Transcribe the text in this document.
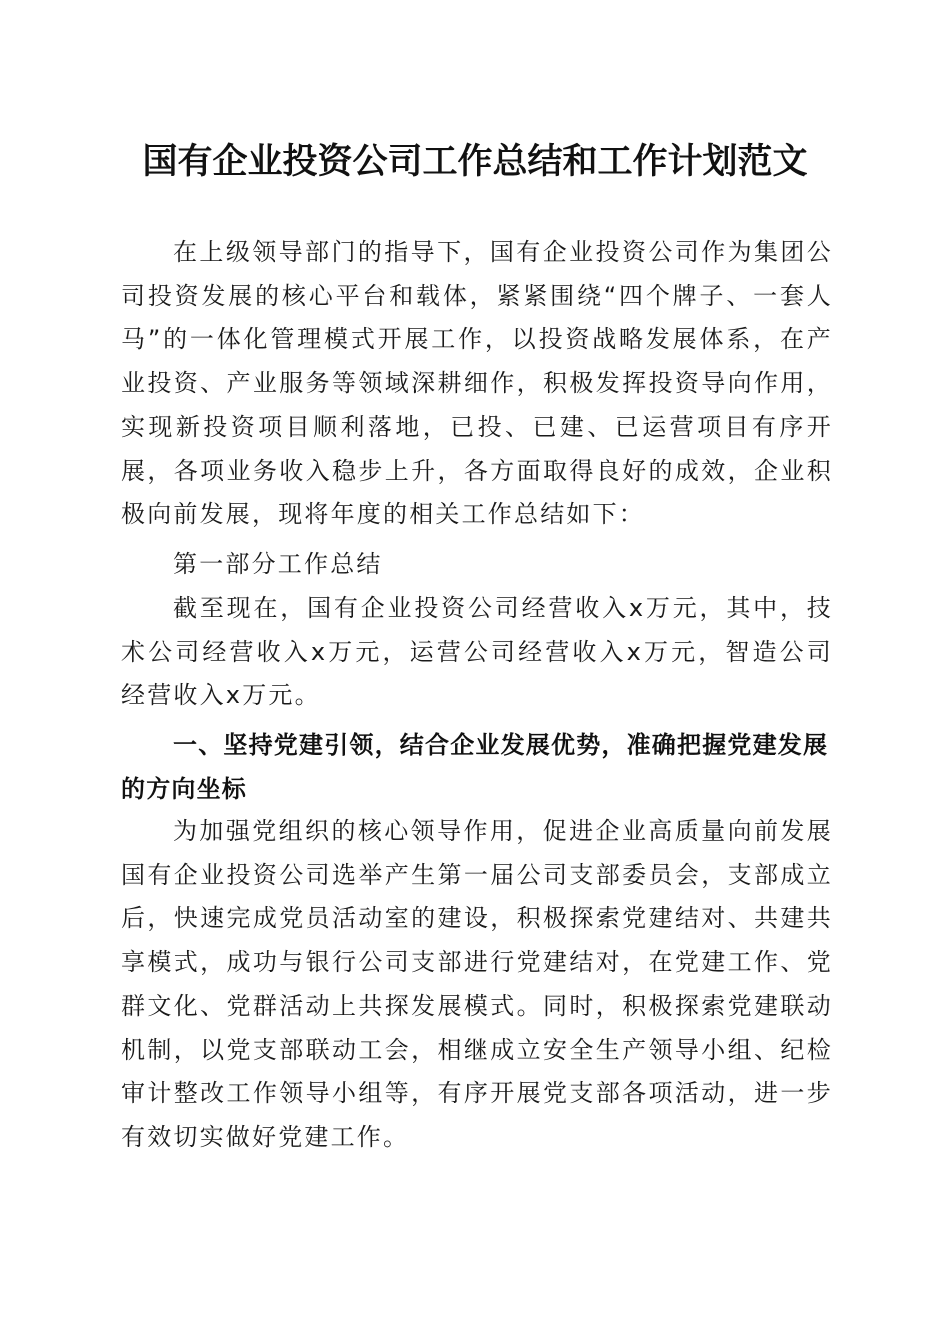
国有企业投资公司工作总结和工作计划范文

在上级领导部门的指导下，国有企业投资公司作为集团公司投资发展的核心平台和载体，紧紧围绕“四个牌子、一套人马”的一体化管理模式开展工作，以投资战略发展体系，在产业投资、产业服务等领域深耕细作，积极发挥投资导向作用，实现新投资项目顺利落地，已投、已建、已运营项目有序开展，各项业务收入稳步上升，各方面取得良好的成效，企业积极向前发展，现将年度的相关工作总结如下：

第一部分工作总结

截至现在，国有企业投资公司经营收入x万元，其中，技术公司经营收入x万元，运营公司经营收入x万元，智造公司经营收入x万元。

一、坚持党建引领，结合企业发展优势，准确把握党建发展的方向坐标

为加强党组织的核心领导作用，促进企业高质量向前发展国有企业投资公司选举产生第一届公司支部委员会，支部成立后，快速完成党员活动室的建设，积极探索党建结对、共建共享模式，成功与银行公司支部进行党建结对，在党建工作、党群文化、党群活动上共探发展模式。同时，积极探索党建联动机制，以党支部联动工会，相继成立安全生产领导小组、纪检审计整改工作领导小组等，有序开展党支部各项活动，进一步有效切实做好党建工作。
